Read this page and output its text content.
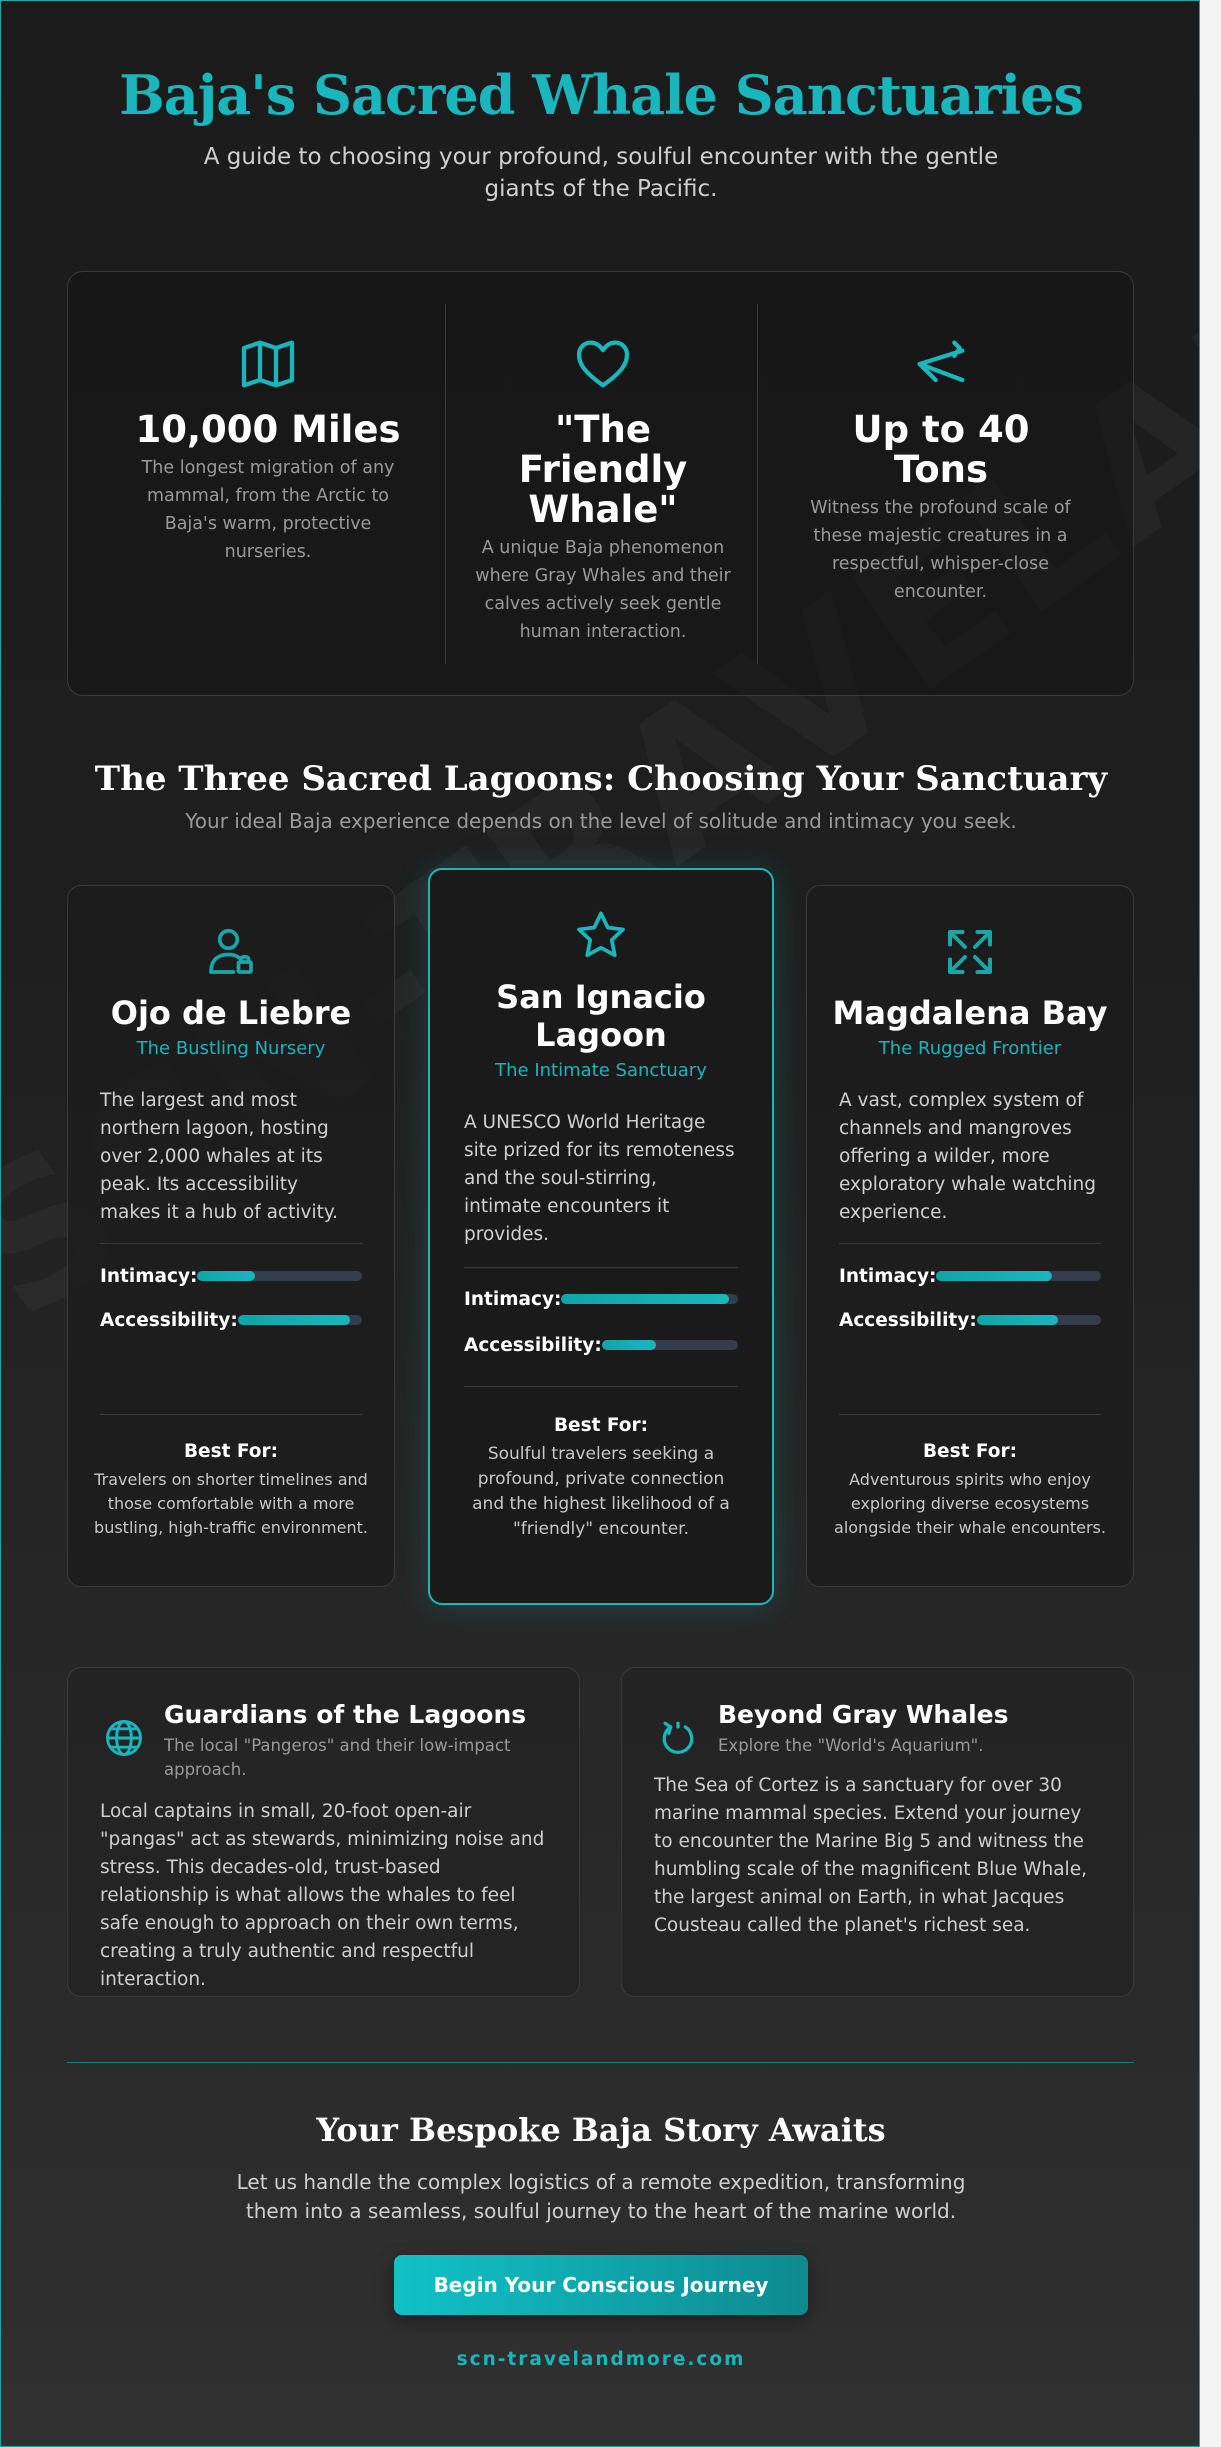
Baja's Sacred Whale Sanctuaries

A guide to choosing your profound, soulful encounter with the gentle giants of the Pacific.

10,000 Miles

The longest migration of any mammal, from the Arctic to Baja's warm, protective nurseries.

"The Friendly Whale"

A unique Baja phenomenon where Gray Whales and their calves actively seek gentle human interaction.

Up to 40 Tons

Witness the profound scale of these majestic creatures in a respectful, whisper-close encounter.

The Three Sacred Lagoons: Choosing Your Sanctuary

Your ideal Baja experience depends on the level of solitude and intimacy you seek.

Ojo de Liebre
The Bustling Nursery

The largest and most northern lagoon, hosting over 2,000 whales at its peak. Its accessibility makes it a hub of activity.

Intimacy:
Accessibility:
Best For:

Travelers on shorter timelines and those comfortable with a more bustling, high-traffic environment.

San Ignacio Lagoon
The Intimate Sanctuary

A UNESCO World Heritage site prized for its remoteness and the soul-stirring, intimate encounters it provides.

Intimacy:
Accessibility:
Best For:

Soulful travelers seeking a profound, private connection and the highest likelihood of a "friendly" encounter.

Magdalena Bay
The Rugged Frontier

A vast, complex system of channels and mangroves offering a wilder, more exploratory whale watching experience.

Intimacy:
Accessibility:
Best For:

Adventurous spirits who enjoy exploring diverse ecosystems alongside their whale encounters.

Guardians of the Lagoons

The local "Pangeros" and their low-impact approach.

Local captains in small, 20-foot open-air "pangas" act as stewards, minimizing noise and stress. This decades-old, trust-based relationship is what allows the whales to feel safe enough to approach on their own terms, creating a truly authentic and respectful interaction.

Beyond Gray Whales

Explore the "World's Aquarium".

The Sea of Cortez is a sanctuary for over 30 marine mammal species. Extend your journey to encounter the Marine Big 5 and witness the humbling scale of the magnificent Blue Whale, the largest animal on Earth, in what Jacques Cousteau called the planet's richest sea.

Your Bespoke Baja Story Awaits

Let us handle the complex logistics of a remote expedition, transforming them into a seamless, soulful journey to the heart of the marine world.

Begin Your Conscious Journey
scn-travelandmore.com
